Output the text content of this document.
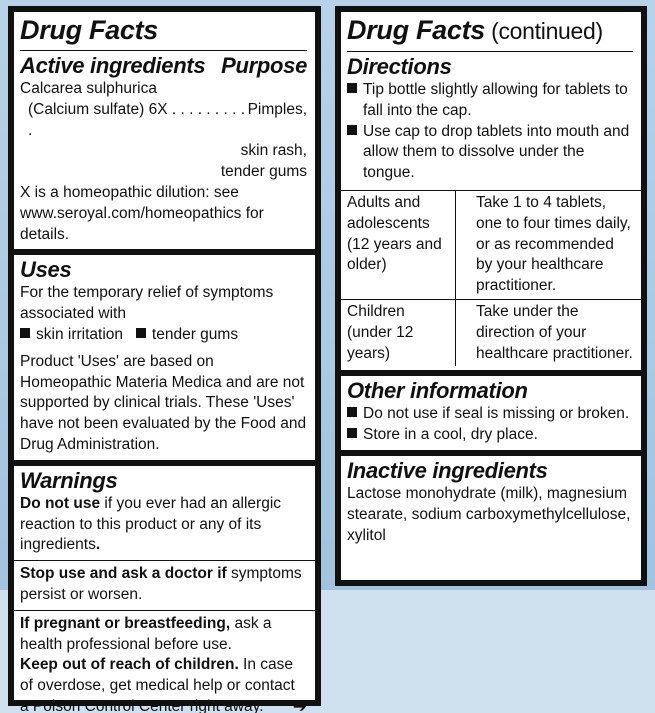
Drug Facts
Active ingredients Purpose

Calcarea sulphurica

(Calcium sulfate) 6X . . . . . . . . . .

Pimples,

skin rash,

tender gums

X is a homeopathic dilution: see www.seroyal.com/homeopathics for details.

Uses

For the temporary relief of symptoms associated with

skin irritation tender gums

Product 'Uses' are based on Homeopathic Materia Medica and are not supported by clinical trials. These 'Uses' have not been evaluated by the Food and Drug Administration.

Warnings

Do not use if you ever had an allergic reaction to this product or any of its ingredients.

Stop use and ask a doctor if symptoms persist or worsen.

If pregnant or breastfeeding, ask a health professional before use.

Keep out of reach of children. In case of overdose, get medical help or contact a Poison Control Center right away. ➔

Drug Facts (continued)
Directions
Tip bottle slightly allowing for tablets to fall into the cap.
Use cap to drop tablets into mouth and allow them to dissolve under the tongue.

Adults and adolescents (12 years and older)

Take 1 to 4 tablets, one to four times daily, or as recommended by your healthcare practitioner.

Children (under 12 years)

Take under the direction of your healthcare practitioner.

Other information
Do not use if seal is missing or broken.
Store in a cool, dry place.
Inactive ingredients

Lactose monohydrate (milk), magnesium stearate, sodium carboxymethylcellulose, xylitol
